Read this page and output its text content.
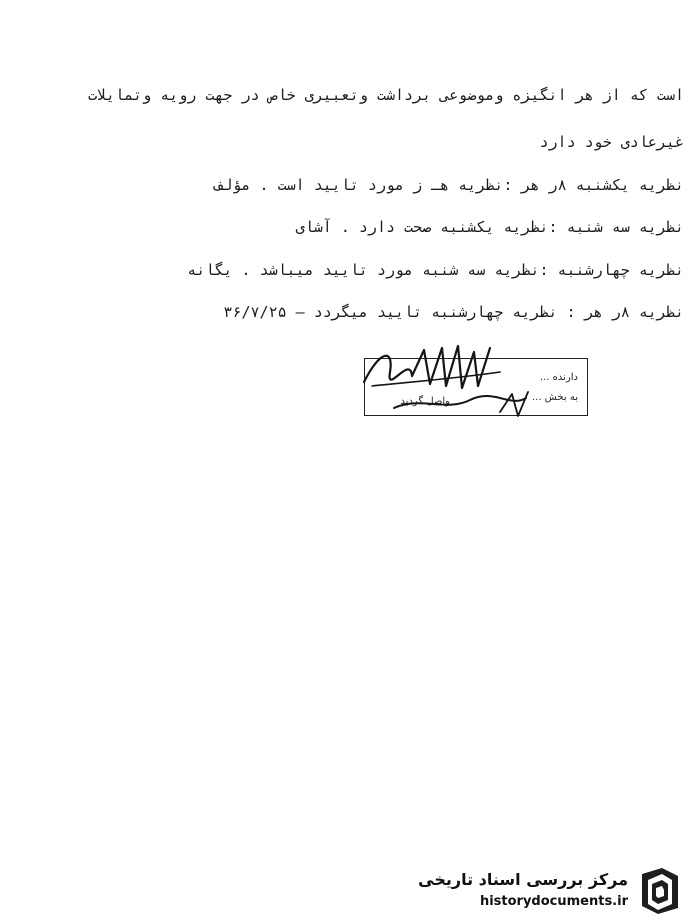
است که از هر انگیزه وموضوعی برداشت وتعبیری خاص در جهت رویه وتمایلات
غیرعادی خود دارد
نظریه یکشنبه ۸ر هر :نظریه هـ ز مورد تایید است . مؤلف
نظریه سه شنبه :نظریه یکشنبه صحت دارد . آشای
نظریه چهارشنبه :نظریه سه شنبه مورد تایید میباشد . یگانه
نظریه ۸ر هر : نظریه چهارشنبه تایید میگردد — ۳۶/۷/۲۵
دارنده ...
به بخش ...
واصل گردید
مرکز بررسی اسناد تاریخی
historydocuments.ir
